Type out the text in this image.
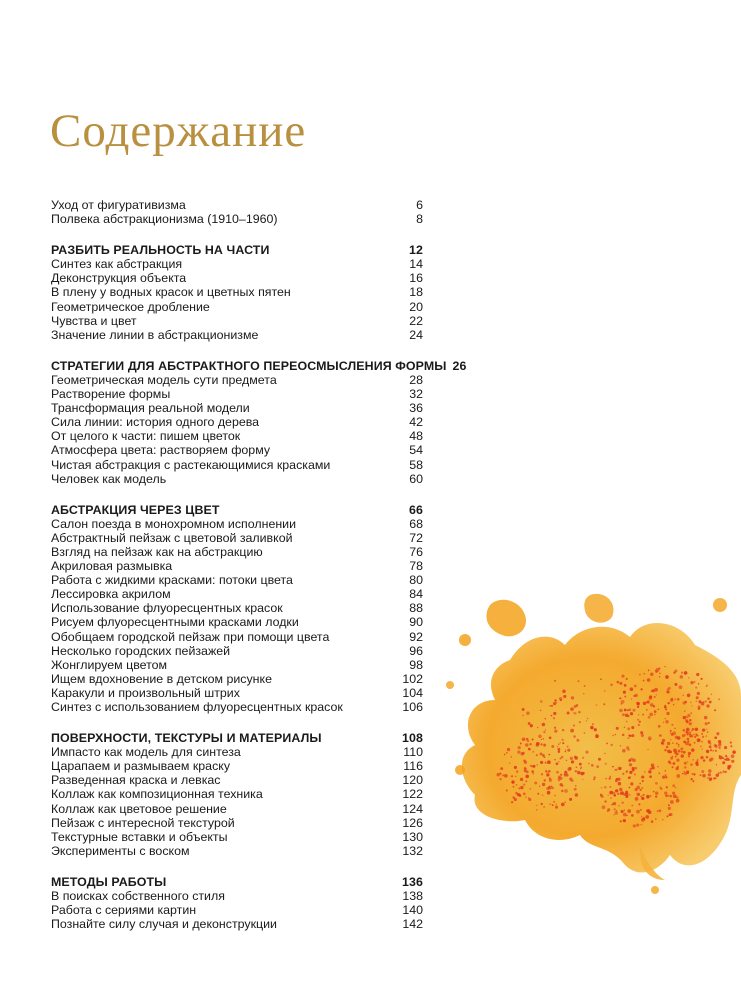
Содержание
Уход от фигуративизма	6
Полвека абстракционизма (1910–1960)	8
РАЗБИТЬ РЕАЛЬНОСТЬ НА ЧАСТИ	12
Синтез как абстракция	14
Деконструкция объекта	16
В плену у водных красок и цветных пятен	18
Геометрическое дробление	20
Чувства и цвет	22
Значение линии в абстракционизме	24
СТРАТЕГИИ ДЛЯ АБСТРАКТНОГО ПЕРЕОСМЫСЛЕНИЯ ФОРМЫ 26
Геометрическая модель сути предмета	28
Растворение формы	32
Трансформация реальной модели	36
Сила линии: история одного дерева	42
От целого к части: пишем цветок	48
Атмосфера цвета: растворяем форму	54
Чистая абстракция с растекающимися красками	58
Человек как модель	60
АБСТРАКЦИЯ ЧЕРЕЗ ЦВЕТ	66
Салон поезда в монохромном исполнении	68
Абстрактный пейзаж с цветовой заливкой	72
Взгляд на пейзаж как на абстракцию	76
Акриловая размывка	78
Работа с жидкими красками: потоки цвета	80
Лессировка акрилом	84
Использование флуоресцентных красок	88
Рисуем флуоресцентными красками лодки	90
Обобщаем городской пейзаж при помощи цвета	92
Несколько городских пейзажей	96
Жонглируем цветом	98
Ищем вдохновение в детском рисунке	102
Каракули и произвольный штрих	104
Синтез с использованием флуоресцентных красок	106
ПОВЕРХНОСТИ, ТЕКСТУРЫ И МАТЕРИАЛЫ	108
Импасто как модель для синтеза	110
Царапаем и размываем краску	116
Разведенная краска и левкас	120
Коллаж как композиционная техника	122
Коллаж как цветовое решение	124
Пейзаж с интересной текстурой	126
Текстурные вставки и объекты	130
Эксперименты с воском	132
МЕТОДЫ РАБОТЫ	136
В поисках собственного стиля	138
Работа с сериями картин	140
Познайте силу случая и деконструкции	142
